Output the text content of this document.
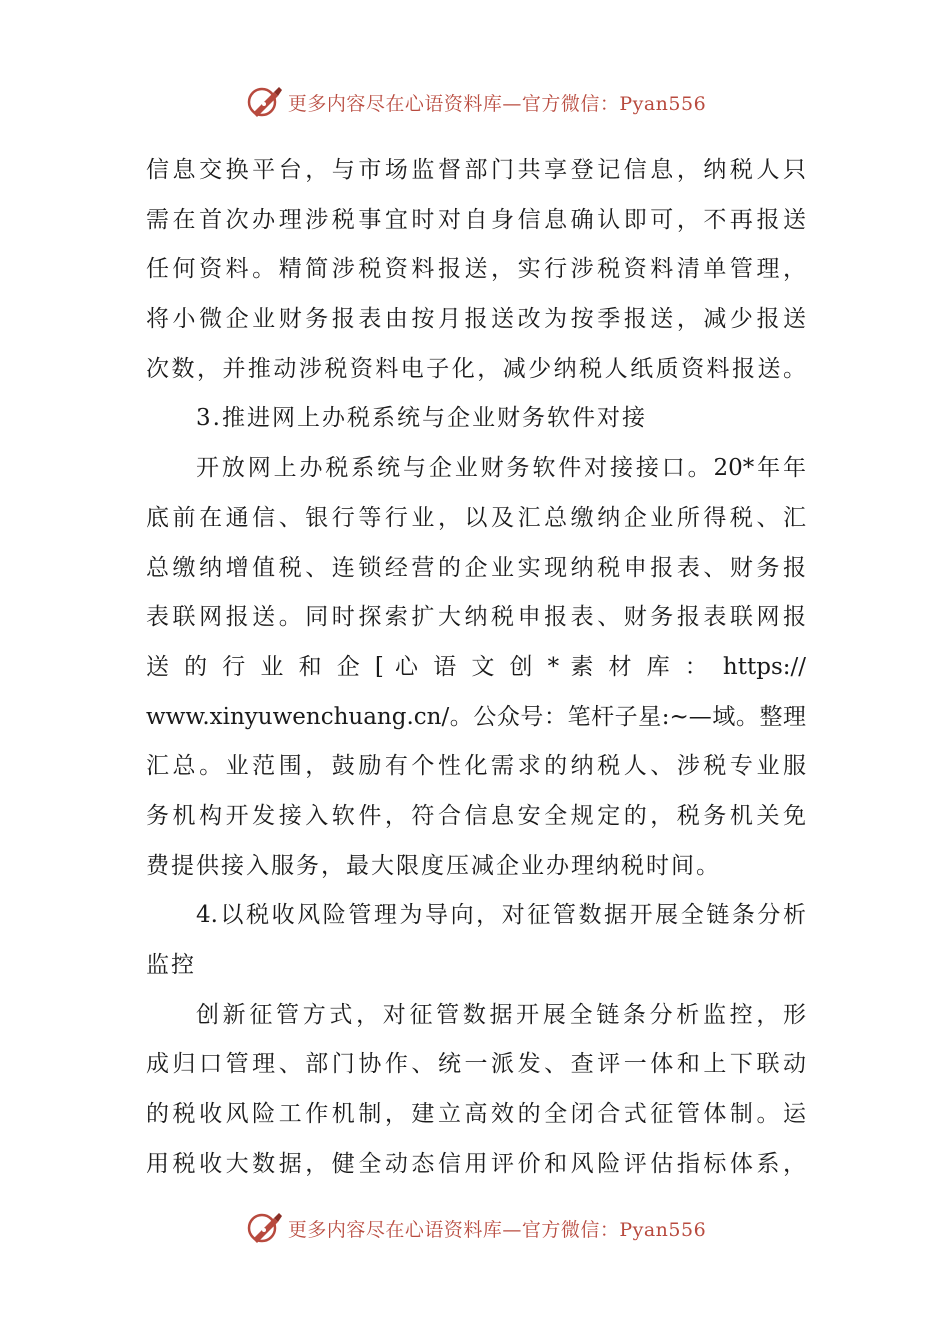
更多内容尽在心语资料库—官方微信：Pyan556
信息交换平台，与市场监督部门共享登记信息，纳税人只
需在首次办理涉税事宜时对自身信息确认即可，不再报送
任何资料。精简涉税资料报送，实行涉税资料清单管理，
将小微企业财务报表由按月报送改为按季报送，减少报送
次数，并推动涉税资料电子化，减少纳税人纸质资料报送。
3.推进网上办税系统与企业财务软件对接
开放网上办税系统与企业财务软件对接接口。20*年年
底前在通信、银行等行业，以及汇总缴纳企业所得税、汇
总缴纳增值税、连锁经营的企业实现纳税申报表、财务报
表联网报送。同时探索扩大纳税申报表、财务报表联网报
送 的 行 业 和 企 [ 心 语 文 创 * 素 材 库 ： https://
www.xinyuwenchuang.cn/。公众号：笔杆子星:~—域。整理
汇总。业范围，鼓励有个性化需求的纳税人、涉税专业服
务机构开发接入软件，符合信息安全规定的，税务机关免
费提供接入服务，最大限度压减企业办理纳税时间。
4.以税收风险管理为导向，对征管数据开展全链条分析
监控
创新征管方式，对征管数据开展全链条分析监控，形
成归口管理、部门协作、统一派发、查评一体和上下联动
的税收风险工作机制，建立高效的全闭合式征管体制。运
用税收大数据，健全动态信用评价和风险评估指标体系，
更多内容尽在心语资料库—官方微信：Pyan556
